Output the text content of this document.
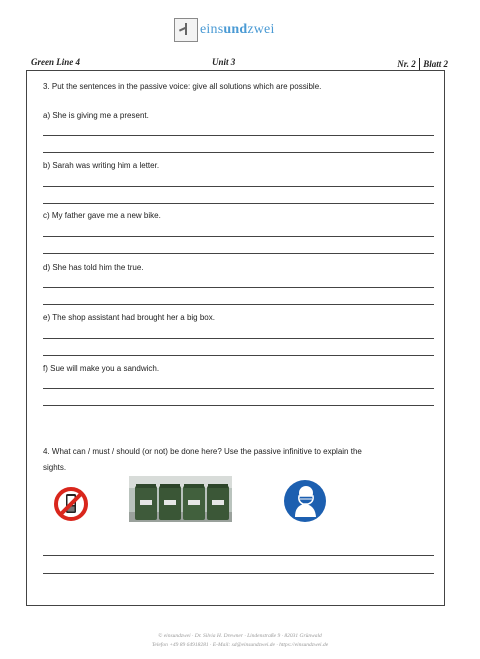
einsundzwei
Green Line 4	Unit 3	Nr. 2 Blatt 2
3. Put the sentences in the passive voice: give all solutions which are possible.
a) She is giving me a present.
b) Sarah was writing him a letter.
c) My father gave me a new bike.
d) She has told him the true.
e) The shop assistant had brought her a big box.
f) Sue will make you a sandwich.
4. What can / must / should (or not) be done here? Use the passive infinitive to explain the
sights.
© einsundzwei · Dr. Silvia H. Drewner · Lindenstraße 9 · 82031 Grünwald
Telefon +49 89 64918281 · E-Mail: sd@einsundzwei.de · https://einsundzwei.de
